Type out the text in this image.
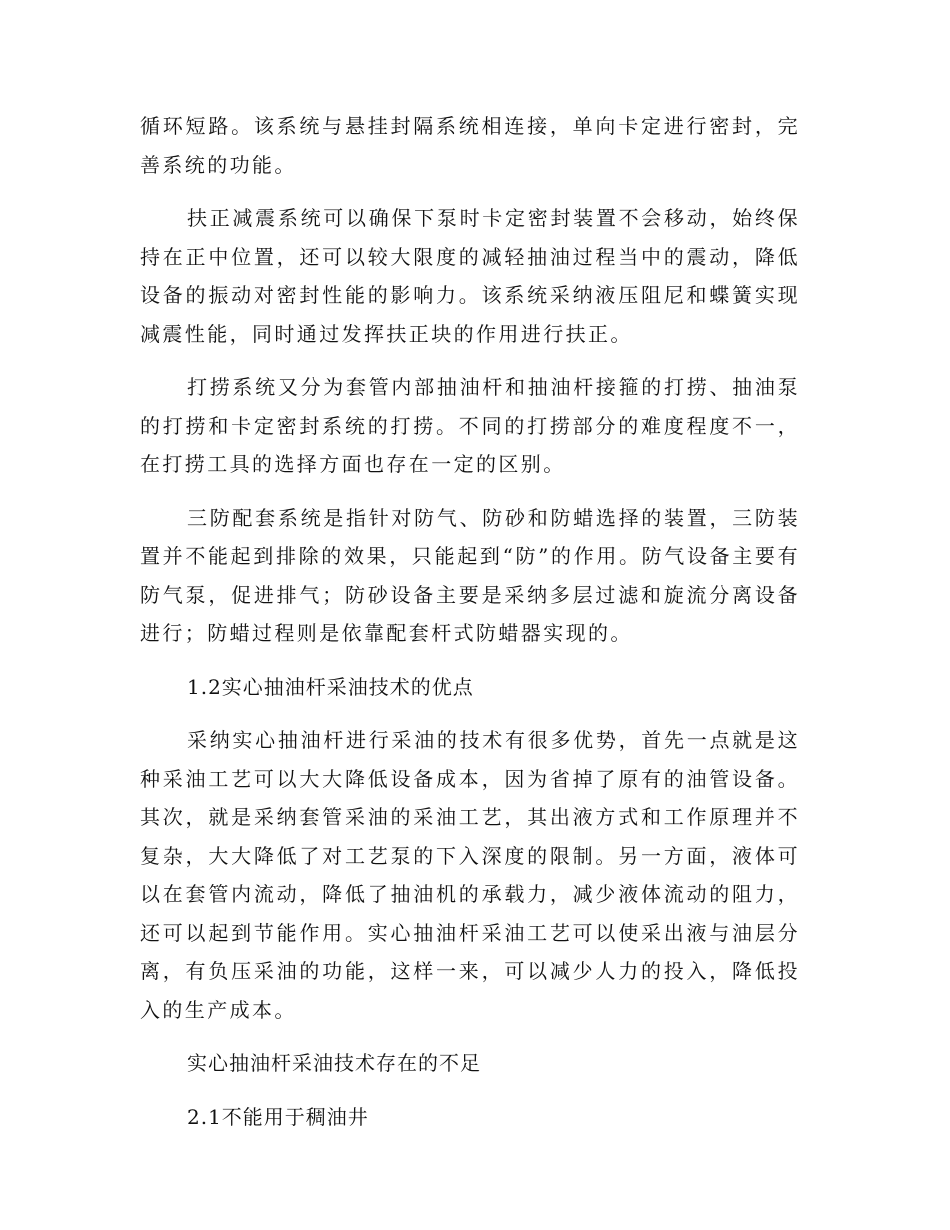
循环短路。该系统与悬挂封隔系统相连接，单向卡定进行密封，完善系统的功能。

扶正减震系统可以确保下泵时卡定密封装置不会移动，始终保持在正中位置，还可以较大限度的减轻抽油过程当中的震动，降低设备的振动对密封性能的影响力。该系统采纳液压阻尼和蝶簧实现减震性能，同时通过发挥扶正块的作用进行扶正。

打捞系统又分为套管内部抽油杆和抽油杆接箍的打捞、抽油泵的打捞和卡定密封系统的打捞。不同的打捞部分的难度程度不一，在打捞工具的选择方面也存在一定的区别。

三防配套系统是指针对防气、防砂和防蜡选择的装置，三防装置并不能起到排除的效果，只能起到“防”的作用。防气设备主要有防气泵，促进排气；防砂设备主要是采纳多层过滤和旋流分离设备进行；防蜡过程则是依靠配套杆式防蜡器实现的。

1.2实心抽油杆采油技术的优点

采纳实心抽油杆进行采油的技术有很多优势，首先一点就是这种采油工艺可以大大降低设备成本，因为省掉了原有的油管设备。其次，就是采纳套管采油的采油工艺，其出液方式和工作原理并不复杂，大大降低了对工艺泵的下入深度的限制。另一方面，液体可以在套管内流动，降低了抽油机的承载力，减少液体流动的阻力，还可以起到节能作用。实心抽油杆采油工艺可以使采出液与油层分离，有负压采油的功能，这样一来，可以减少人力的投入，降低投入的生产成本。

实心抽油杆采油技术存在的不足

2.1不能用于稠油井
